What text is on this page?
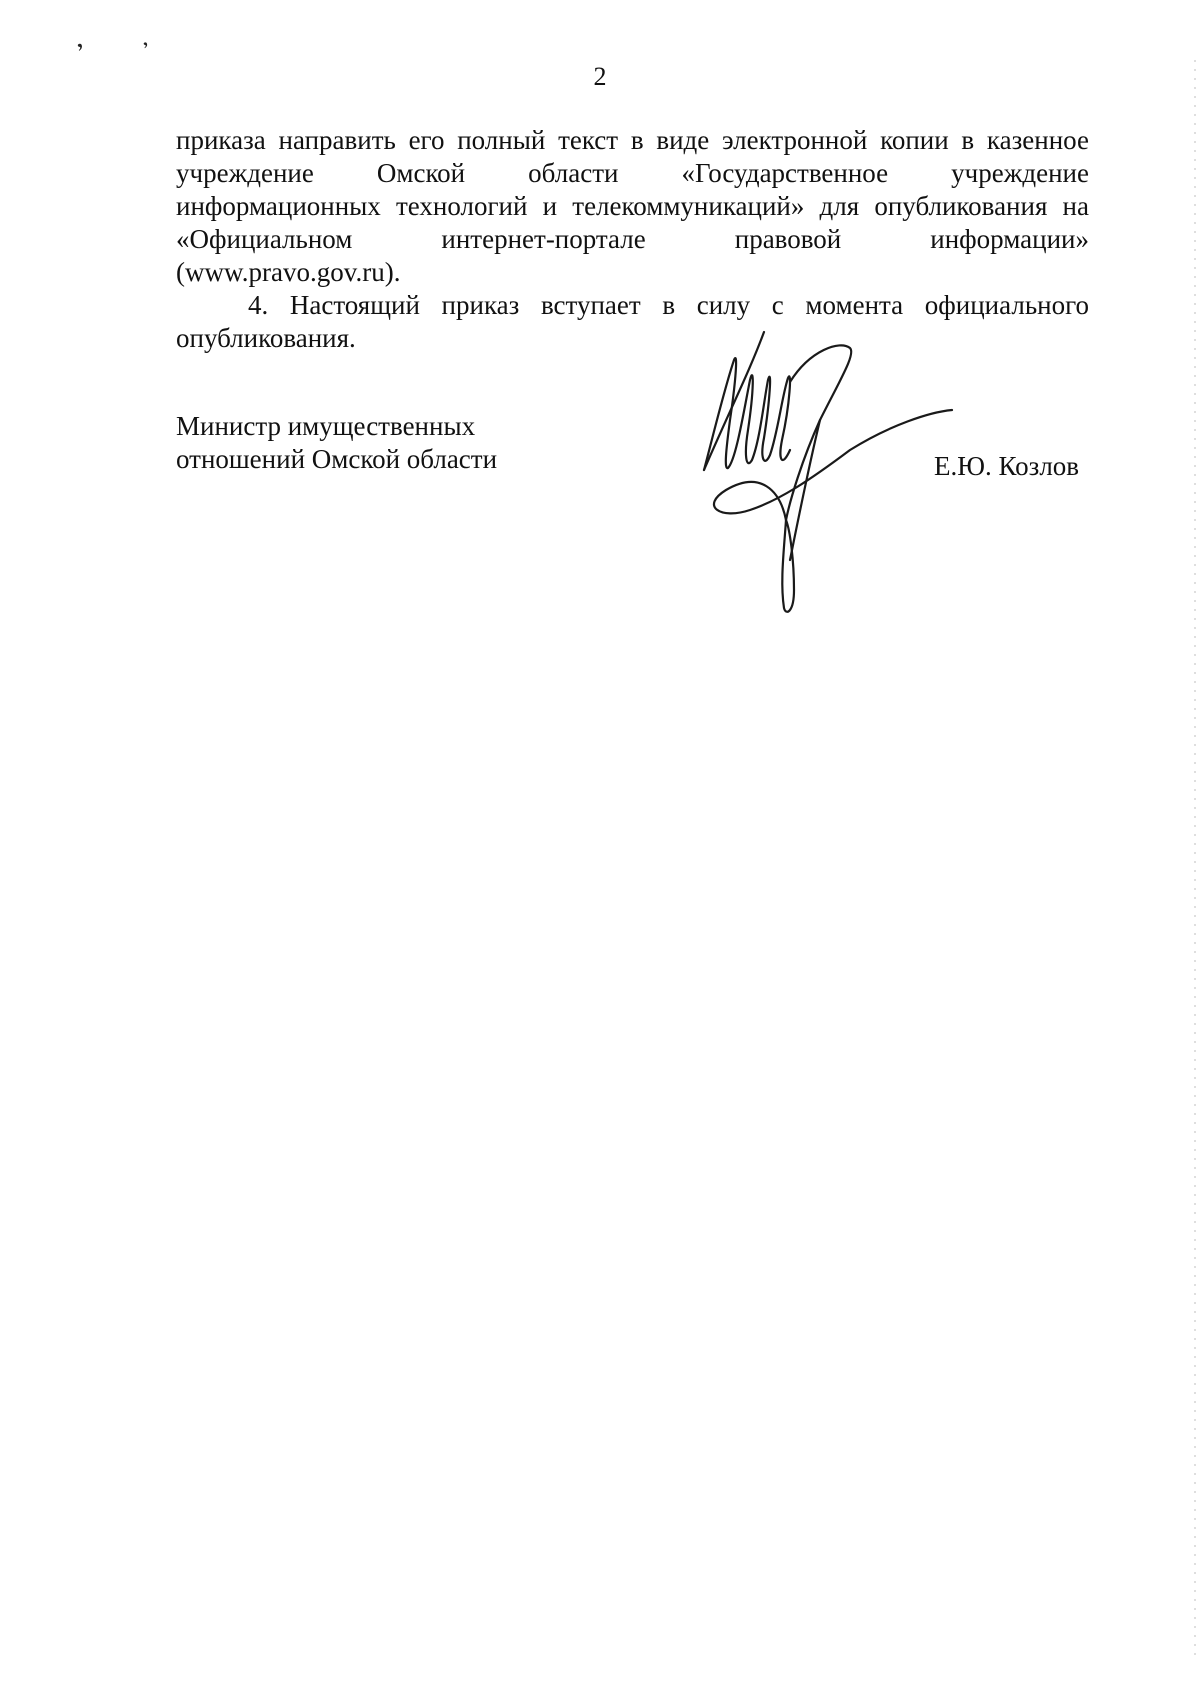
’	’
2
приказа направить его полный текст в виде электронной копии в казенное
учреждение Омской области «Государственное учреждение
информационных технологий и телекоммуникаций» для опубликования на
«Официальном интернет-портале правовой информации»
(www.pravo.gov.ru).
4. Настоящий приказ вступает в силу с момента официального
опубликования.
Министр имущественных
отношений Омской области	Е.Ю. Козлов
